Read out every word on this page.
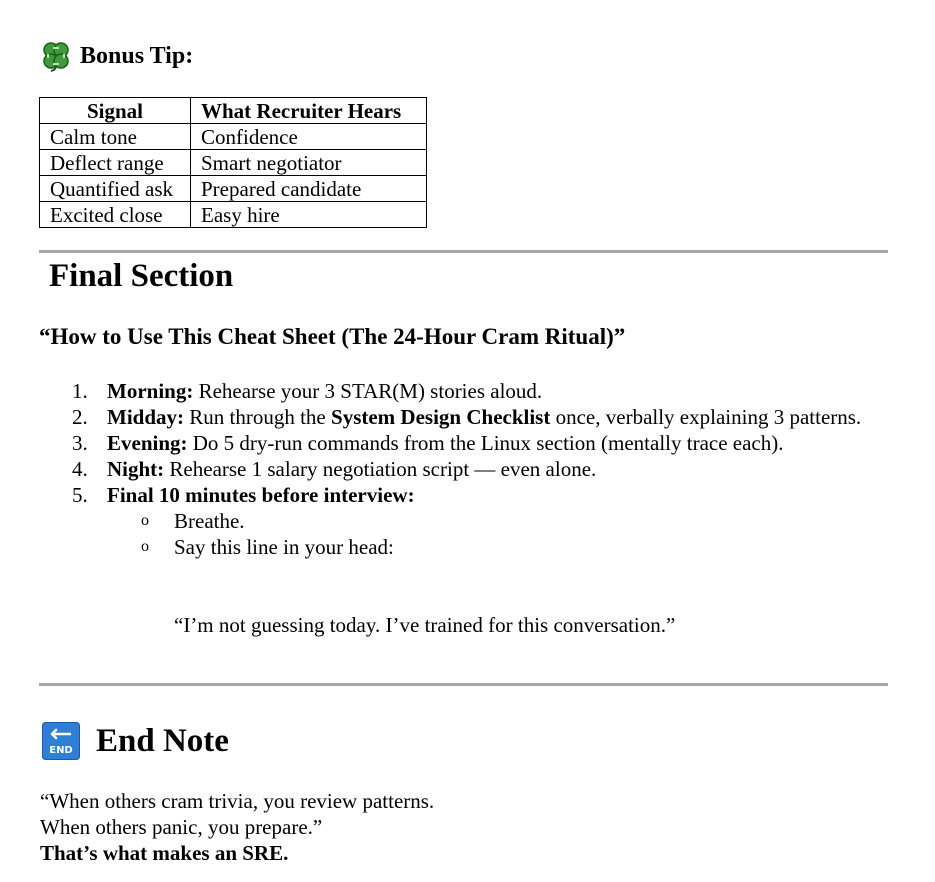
Bonus Tip:
Signal	What Recruiter Hears
Calm tone	Confidence
Deflect range	Smart negotiator
Quantified ask	Prepared candidate
Excited close	Easy hire
Final Section
“How to Use This Cheat Sheet (The 24-Hour Cram Ritual)”
1. Morning: Rehearse your 3 STAR(M) stories aloud.
2. Midday: Run through the System Design Checklist once, verbally explaining 3 patterns.
3. Evening: Do 5 dry-run commands from the Linux section (mentally trace each).
4. Night: Rehearse 1 salary negotiation script — even alone.
5. Final 10 minutes before interview:
o Breathe.
o Say this line in your head:
“I’m not guessing today. I’ve trained for this conversation.”
END End Note
“When others cram trivia, you review patterns.
When others panic, you prepare.”
That’s what makes an SRE.
